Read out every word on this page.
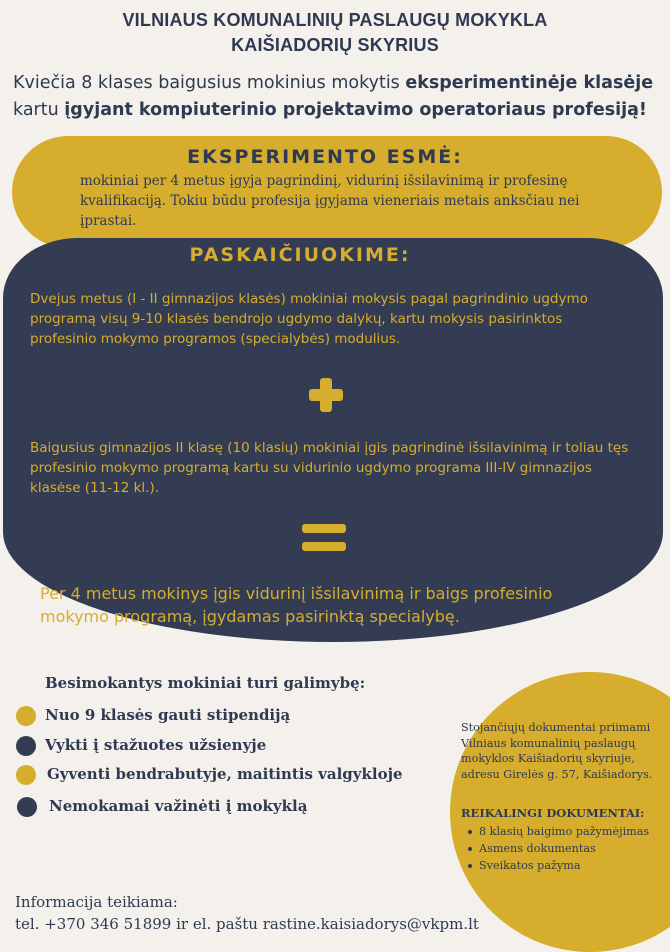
VILNIAUS KOMUNALINIŲ PASLAUGŲ MOKYKLA
KAIŠIADORIŲ SKYRIUS
Kviečia 8 klases baigusius mokinius mokytis eksperimentinėje klasėje kartu įgyjant kompiuterinio projektavimo operatoriaus profesiją!
EKSPERIMENTO ESMĖ:
mokiniai per 4 metus įgyja pagrindinį, vidurinį išsilavinimą ir profesinę kvalifikaciją. Tokiu būdu profesija įgyjama vieneriais metais anksčiau nei įprastai.
PASKAIČIUOKIME:
Dvejus metus (I - II gimnazijos klasės) mokiniai mokysis pagal pagrindinio ugdymo programą visų 9-10 klasės bendrojo ugdymo dalykų, kartu mokysis pasirinktos profesinio mokymo programos (specialybės) modulius.
Baigusius gimnazijos II klasę (10 klasių) mokiniai įgis pagrindinė išsilavinimą ir toliau tęs profesinio mokymo programą kartu su vidurinio ugdymo programa III-IV gimnazijos klasėse (11-12 kl.).
Per 4 metus mokinys įgis vidurinį išsilavinimą ir baigs profesinio mokymo programą, įgydamas pasirinktą specialybę.
Besimokantys mokiniai turi galimybę:
Nuo 9 klasės gauti stipendiją
Vykti į stažuotes užsienyje
Gyventi bendrabutyje, maitintis valgykloje
Nemokamai važinėti į mokyklą
Stojančiųjų dokumentai priimami Vilniaus komunalinių paslaugų mokyklos Kaišiadorių skyriuje, adresu Girelės g. 57, Kaišiadorys.
REIKALINGI DOKUMENTAI:
8 klasių baigimo pažymėjimas
Asmens dokumentas
Sveikatos pažyma
Informacija teikiama:
tel. +370 346 51899 ir el. paštu rastine.kaisiadorys@vkpm.lt
